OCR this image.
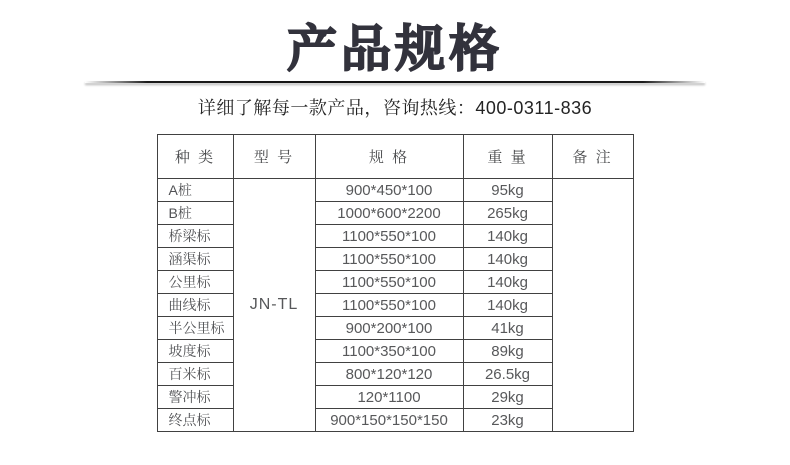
产品规格
详细了解每一款产品，咨询热线：400-0311-836
种 类	型 号	规 格	重 量	备 注
A桩	JN-TL	900*450*100	95kg	
B桩		1000*600*2200	265kg	
桥梁标		1100*550*100	140kg	
涵渠标		1100*550*100	140kg	
公里标		1100*550*100	140kg	
曲线标		1100*550*100	140kg	
半公里标		900*200*100	41kg	
坡度标		1100*350*100	89kg	
百米标		800*120*120	26.5kg	
警冲标		120*1100	29kg	
终点标		900*150*150*150	23kg	
